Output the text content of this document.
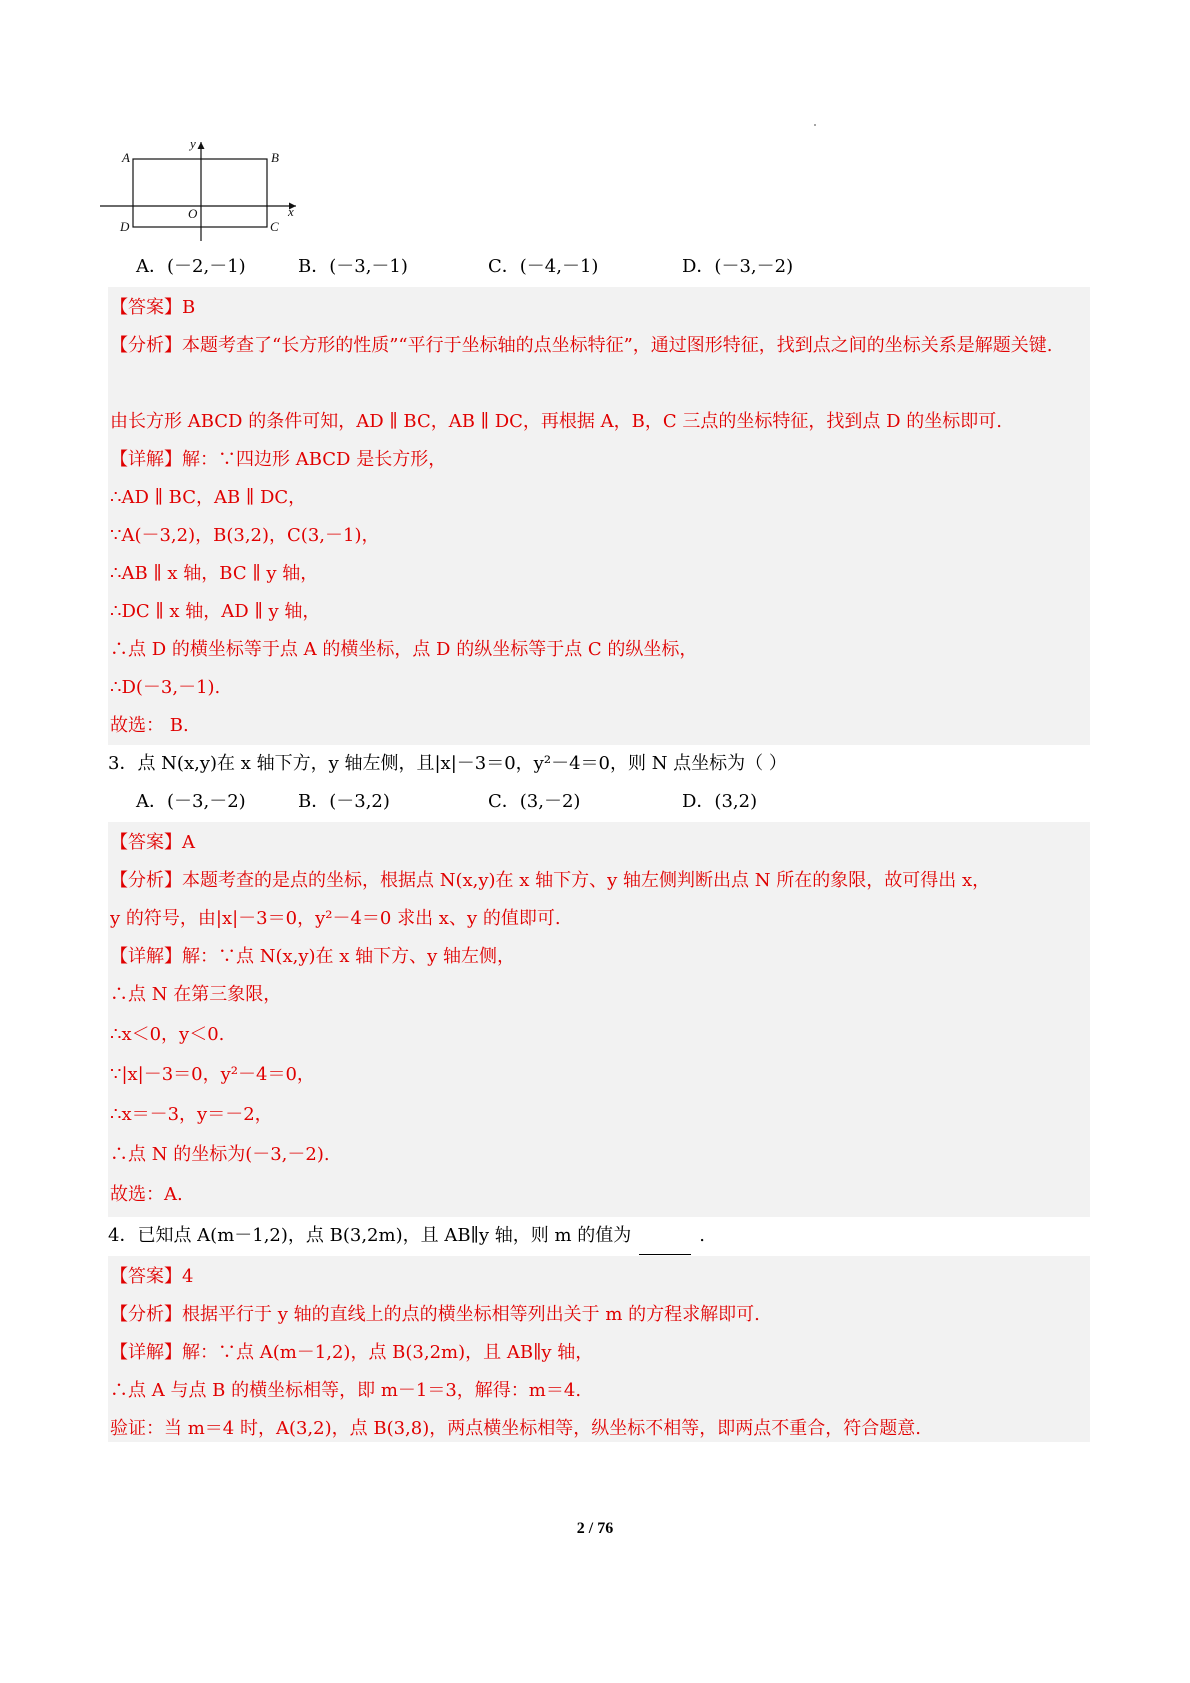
A	B
C
D
O	x
y
A．(－2,－1)	B．(－3,－1)	C．(－4,－1)	D．(－3,－2)
【答案】B
【分析】本题考查了“长方形的性质”“平行于坐标轴的点坐标特征”，通过图形特征，找到点之间的坐标关系是解题关键.
由长方形 ABCD 的条件可知，AD ∥ BC，AB ∥ DC，再根据 A，B，C 三点的坐标特征，找到点 D 的坐标即可.
【详解】解：∵四边形 ABCD 是长方形，
∴AD ∥ BC，AB ∥ DC，
∵A(－3,2)，B(3,2)，C(3,－1)，
∴AB ∥ x 轴，BC ∥ y 轴，
∴DC ∥ x 轴，AD ∥ y 轴，
∴点 D 的横坐标等于点 A 的横坐标，点 D 的纵坐标等于点 C 的纵坐标，
∴D(－3,－1).
故选： B.
3．点 N(x,y)在 x 轴下方，y 轴左侧，且|x|－3＝0，y²－4＝0，则 N 点坐标为（ ）
A．(－3,－2)	B．(－3,2)	C．(3,－2)	D．(3,2)
【答案】A
【分析】本题考查的是点的坐标，根据点 N(x,y)在 x 轴下方、y 轴左侧判断出点 N 所在的象限，故可得出 x，
y 的符号，由|x|－3＝0，y²－4＝0 求出 x、y 的值即可.
【详解】解：∵点 N(x,y)在 x 轴下方、y 轴左侧，
∴点 N 在第三象限，
∴x＜0，y＜0.
∵|x|－3＝0，y²－4＝0，
∴x＝－3，y＝－2，
∴点 N 的坐标为(－3,－2).
故选：A.
4．已知点 A(m－1,2)，点 B(3,2m)，且 AB∥y 轴，则 m 的值为	.
【答案】4
【分析】根据平行于 y 轴的直线上的点的横坐标相等列出关于 m 的方程求解即可.
【详解】解：∵点 A(m－1,2)，点 B(3,2m)，且 AB∥y 轴，
∴点 A 与点 B 的横坐标相等，即 m－1＝3，解得：m＝4.
验证：当 m＝4 时，A(3,2)，点 B(3,8)，两点横坐标相等，纵坐标不相等，即两点不重合，符合题意.
2 / 76
